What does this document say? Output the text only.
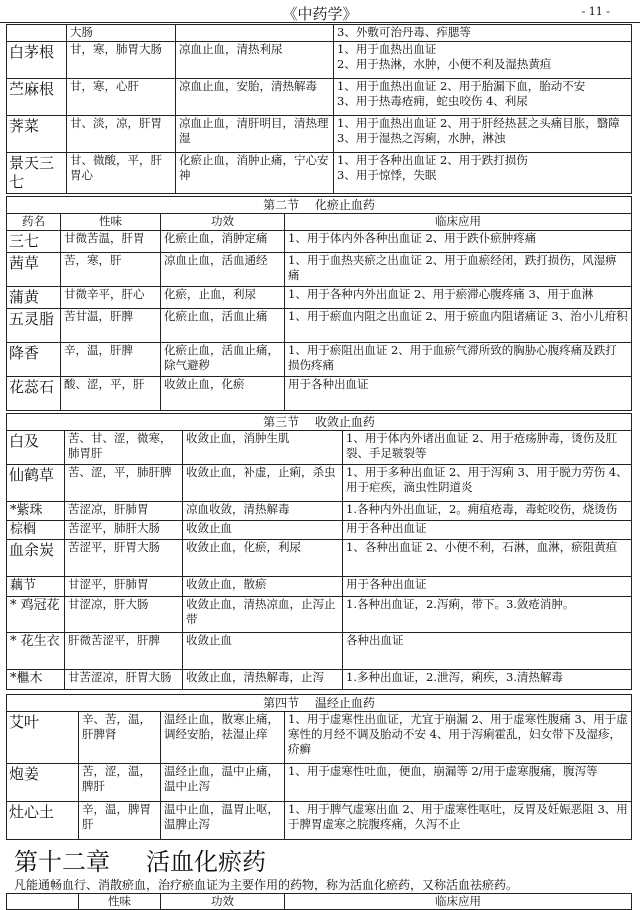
《中药学》	- 11 -
	大肠		3、外敷可治丹毒、痄腮等
白茅根	甘，寒，肺胃大肠	凉血止血，清热利尿	1、用于血热出血证
2、用于热淋，水肿，小便不利及湿热黄疸

苎麻根	甘，寒，心肝	凉血止血，安胎，清热解毒	1、用于血热出血证 2、用于胎漏下血，胎动不安
3、用于热毒疮痈，蛇虫咬伤 4、利尿

荠菜	甘、淡，凉，肝胃	凉血止血，清肝明目，清热理湿	1、用于血热出血证 2、用于肝经热甚之头痛目胀，翳障
3、用于湿热之泻痢，水肿，淋浊

景天三七	甘、微酸，平，肝胃心	化瘀止血，消肿止痛，宁心安神	1、用于各种出血证 2、用于跌打损伤
3、用于惊悸，失眠
第二节　 化瘀止血药			
药名	性味	功效	临床应用
三七	甘微苦温，肝胃	化瘀止血，消肿定痛	1、用于体内外各种出血证 2、用于跌仆瘀肿疼痛
茜草	苦，寒，肝	凉血止血，活血通经	1、用于血热夹瘀之出血证 2、用于血瘀经闭，跌打损伤，风湿痹痛
蒲黄	甘微辛平，肝心	化瘀，止血，利尿	1、用于各种内外出血证 2、用于瘀滞心腹疼痛 3、用于血淋
五灵脂	苦甘温，肝脾	化瘀止血，活血止痛	1、用于瘀血内阻之出血证 2、用于瘀血内阻诸痛证 3、治小儿疳积
降香	辛，温，肝脾	化瘀止血，活血止痛，除气避秽	1、用于瘀阻出血证 2、用于血瘀气滞所致的胸胁心腹疼痛及跌打损伤疼痛
花蕊石	酸、涩，平，肝	收敛止血，化瘀	用于各种出血证
第三节　 收敛止血药			
白及	苦、甘、涩，微寒，肺胃肝	收敛止血，消肿生肌	1、用于体内外诸出血证 2、用于疮疡肿毒，烫伤及肛裂、手足皲裂等
仙鹤草	苦、涩，平，肺肝脾	收敛止血，补虚，止痢，杀虫	1、用于多种出血证 2、用于泻痢 3、用于脱力劳伤 4、用于疟疾，滴虫性阴道炎
*紫珠	苦涩凉，肝肺胃	凉血收敛，清热解毒	1.各种内外出血证，2。痈疽疮毒，毒蛇咬伤，烧烫伤
棕榈	苦涩平，肺肝大肠	收敛止血	用于各种出血证
血余炭	苦涩平，肝胃大肠	收敛止血，化瘀，利尿	1、各种出血证 2、小便不利，石淋，血淋，瘀阻黄疸
藕节	甘涩平，肝肺胃	收敛止血，散瘀	用于各种出血证
* 鸡冠花	甘涩凉，肝大肠	收敛止血，清热凉血，止泻止带	1.各种出血证，2.泻痢，带下。3.敛疮消肿。
* 花生衣	肝微苦涩平，肝脾	收敛止血	各种出血证
*檵木	甘苦涩凉，肝胃大肠	收敛止血，清热解毒，止泻	1.多种出血证，2.泄泻，痢疾，3.清热解毒
第四节　 温经止血药			
艾叶	辛、苦，温，肝脾肾	温经止血，散寒止痛，调经安胎，祛湿止痒	1、用于虚寒性出血证，尤宜于崩漏 2、用于虚寒性腹痛 3、用于虚寒性的月经不调及胎动不安 4、用于泻痢霍乱，妇女带下及湿疹，疥癣
炮姜	苦，涩，温，脾肝	温经止血，温中止痛，温中止泻	1、用于虚寒性吐血，便血，崩漏等 2/用于虚寒腹痛，腹泻等
灶心土	辛，温，脾胃肝	温中止血，温胃止呕，温脾止泻	1、用于脾气虚寒出血 2、用于虚寒性呕吐，反胃及妊娠恶阻 3、用于脾胃虚寒之脘腹疼痛，久泻不止
第十二章 活血化瘀药
凡能通畅血行、消散瘀血，治疗瘀血证为主要作用的药物，称为活血化瘀药，又称活血祛瘀药。
	性味	功效	临床应用
